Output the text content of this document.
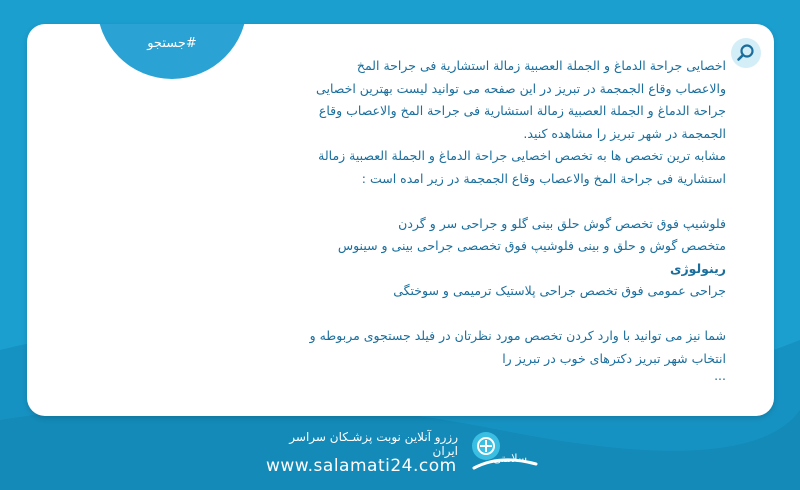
#جستجو

اخصایی جراحة الدماغ و الجملة العصبیة زمالة استشاریة فی جراحة المخ والاعصاب وقاع الجمجمة در تبریز در این صفحه می توانید لیست بهترین اخصایی جراحة الدماغ و الجملة العصبیة زمالة استشاریة فی جراحة المخ والاعصاب وقاع الجمجمة در شهر تبریز را مشاهده کنید.

مشابه ترین تخصص ها به تخصص اخصایی جراحة الدماغ و الجملة العصبیة زمالة استشاریة فی جراحة المخ والاعصاب وقاع الجمجمة در زیر امده است :

فلوشیپ فوق تخصص گوش حلق بینی گلو و جراحی سر و گردن

متخصص گوش و حلق و بینی فلوشیپ فوق تخصصی جراحی بینی و سینوس

رینولوژی

جراحی عمومی فوق تخصص جراحی پلاستیک ترمیمی و سوختگی

شما نیز می توانید با وارد کردن تخصص مورد نظرتان در فیلد جستجوی مربوطه و انتخاب شهر تبریز دکترهای خوب در تبریز را

...

رزرو آنلاین نوبت پزشـکان سراسر ایران
www.salamati24.com	سلامتی
